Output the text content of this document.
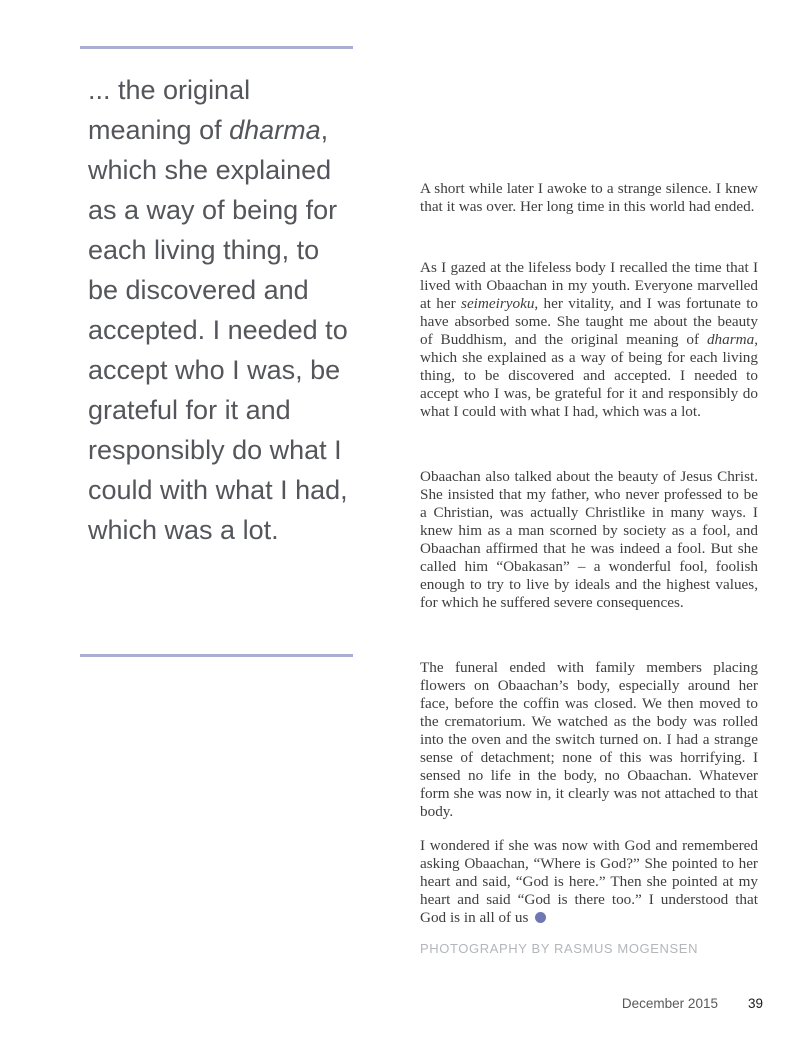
... the original meaning of dharma, which she explained as a way of being for each living thing, to be discovered and accepted. I needed to accept who I was, be grateful for it and responsibly do what I could with what I had, which was a lot.

A short while later I awoke to a strange silence. I knew that it was over. Her long time in this world had ended.

As I gazed at the lifeless body I recalled the time that I lived with Obaachan in my youth. Everyone marvelled at her seimeiryoku, her vitality, and I was fortunate to have absorbed some. She taught me about the beauty of Buddhism, and the original meaning of dharma, which she explained as a way of being for each living thing, to be discovered and accepted. I needed to accept who I was, be grateful for it and responsibly do what I could with what I had, which was a lot.

Obaachan also talked about the beauty of Jesus Christ. She insisted that my father, who never professed to be a Christian, was actually Christlike in many ways. I knew him as a man scorned by society as a fool, and Obaachan affirmed that he was indeed a fool. But she called him “Obakasan” – a wonderful fool, foolish enough to try to live by ideals and the highest values, for which he suffered severe consequences.

The funeral ended with family members placing flowers on Obaachan’s body, especially around her face, before the coffin was closed. We then moved to the crematorium. We watched as the body was rolled into the oven and the switch turned on. I had a strange sense of detachment; none of this was horrifying. I sensed no life in the body, no Obaachan. Whatever form she was now in, it clearly was not attached to that body.

I wondered if she was now with God and remembered asking Obaachan, “Where is God?” She pointed to her heart and said, “God is here.” Then she pointed at my heart and said “God is there too.” I understood that God is in all of us

PHOTOGRAPHY BY RASMUS MOGENSEN
December 2015 39
